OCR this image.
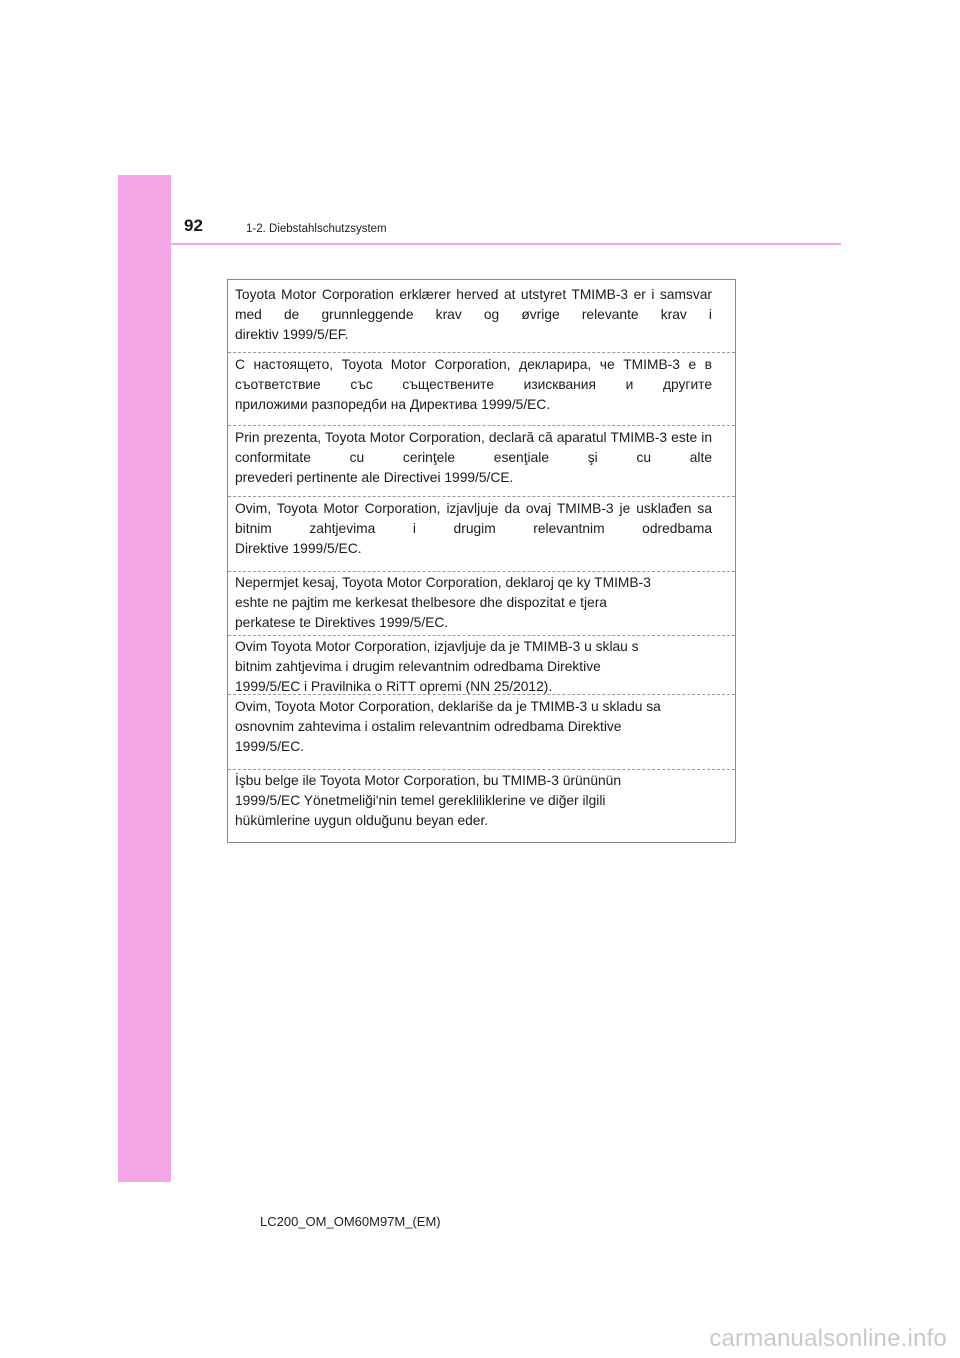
92	1-2. Diebstahlschutzsystem
Toyota Motor Corporation erklærer herved at utstyret TMIMB-3 er i samsvar med de grunnleggende krav og øvrige relevante krav i
direktiv 1999/5/EF.
С настоящето, Toyota Motor Corporation, декларира, че TMIMB-3 е в съответствие със съществените изисквания и другите
приложими разпоредби на Директива 1999/5/EC.
Prin prezenta, Toyota Motor Corporation, declară că aparatul TMIMB-3 este in conformitate cu cerinţele esenţiale şi cu alte
prevederi pertinente ale Directivei 1999/5/CE.
Ovim, Toyota Motor Corporation, izjavljuje da ovaj TMIMB-3 je usklađen sa bitnim zahtjevima i drugim relevantnim odredbama
Direktive 1999/5/EC.
Nepermjet kesaj, Toyota Motor Corporation, deklaroj qe ky TMIMB-3
eshte ne pajtim me kerkesat thelbesore dhe dispozitat e tjera
perkatese te Direktives 1999/5/EC.
Ovim Toyota Motor Corporation, izjavljuje da je TMIMB-3 u sklau s
bitnim zahtjevima i drugim relevantnim odredbama Direktive
1999/5/EC i Pravilnika o RiTT opremi (NN 25/2012).
Ovim, Toyota Motor Corporation, deklariše da je TMIMB-3 u skladu sa
osnovnim zahtevima i ostalim relevantnim odredbama Direktive
1999/5/EC.
İşbu belge ile Toyota Motor Corporation, bu TMIMB-3 ürününün
1999/5/EC Yönetmeliği'nin temel gerekliliklerine ve diğer ilgili
hükümlerine uygun olduğunu beyan eder.
LC200_OM_OM60M97M_(EM)
carmanualsonline.info
